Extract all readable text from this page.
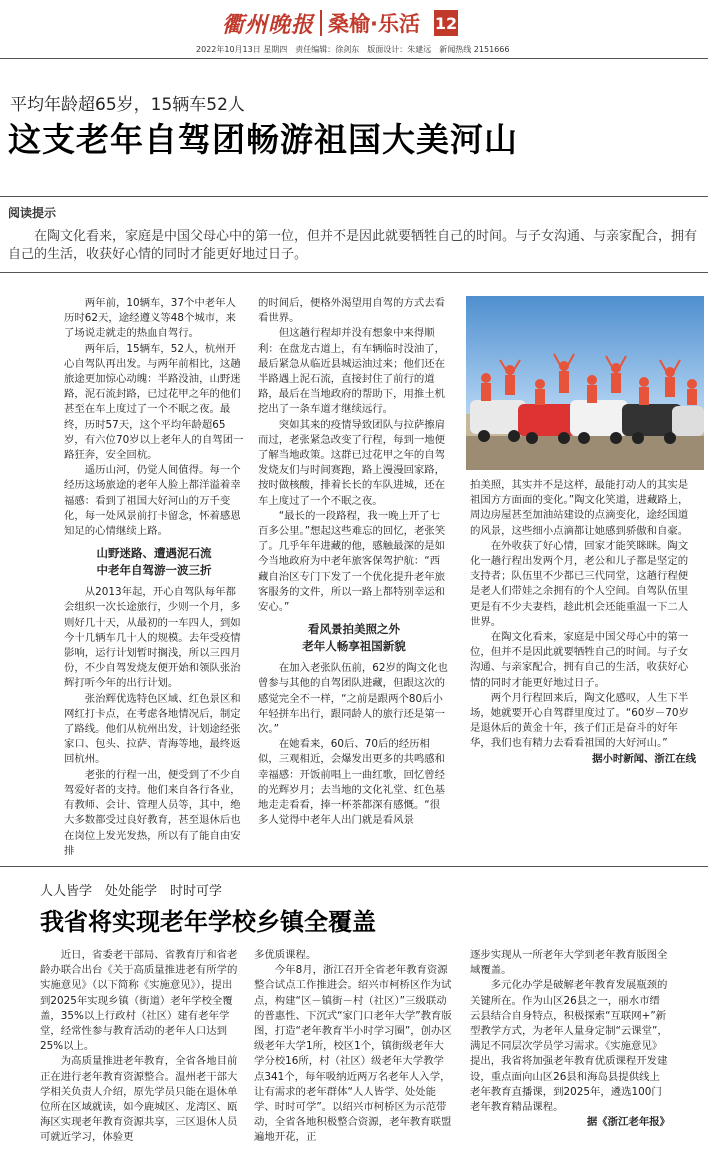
衢州晚报 桑榆·乐活 12
2022年10月13日 星期四　责任编辑：徐剑东　版面设计：朱建远　新闻热线 2151666
平均年龄超65岁，15辆车52人
这支老年自驾团畅游祖国大美河山
阅读提示
在陶文化看来，家庭是中国父母心中的第一位，但并不是因此就要牺牲自己的时间。与子女沟通、与亲家配合，拥有自己的生活，收获好心情的同时才能更好地过日子。

两年前，10辆车，37个中老年人历时62天，途经遵义等48个城市，来了场说走就走的热血自驾行。

两年后，15辆车，52人，杭州开心自驾队再出发。与两年前相比，这趟旅途更加惊心动魄：半路没油，山野迷路，泥石流封路，已过花甲之年的他们甚至在车上度过了一个不眠之夜。最终，历时57天，这个平均年龄超65岁，有六位70岁以上老年人的自驾团一路狂奔，安全回杭。

遥历山河，仍觉人间值得。每一个经历这场旅途的老年人脸上都洋溢着幸福感：看到了祖国大好河山的万千变化，每一处风景前打卡留念，怀着感恩知足的心情继续上路。

山野迷路、遭遇泥石流
中老年自驾游一波三折

从2013年起，开心自驾队每年都会组织一次长途旅行，少则一个月，多则好几十天，从最初的一车四人，到如今十几辆车几十人的规模。去年受疫情影响，运行计划暂时搁浅，所以三四月份，不少自驾发烧友便开始和领队张治辉打听今年的出行计划。

张治辉优选特色区域、红色景区和网红打卡点，在考虑各地情况后，制定了路线。他们从杭州出发，计划途经张家口、包头、拉萨、青海等地，最终返回杭州。

老张的行程一出，便受到了不少自驾爱好者的支持。他们来自各行各业，有教师、会计、管理人员等，其中，绝大多数都受过良好教育，甚至退休后也在岗位上发光发热，所以有了能自由安排

的时间后，便格外渴望用自驾的方式去看看世界。

但这趟行程却并没有想象中来得顺利：在盘龙古道上，有车辆临时没油了，最后紧急从临近县城运油过来；他们还在半路遇上泥石流，直接封住了前行的道路，最后在当地政府的帮助下，用推土机挖出了一条车道才继续远行。

突如其来的疫情导致团队与拉萨擦肩而过，老张紧急改变了行程，每到一地便了解当地政策。这群已过花甲之年的自驾发烧友们与时间赛跑，路上漫漫回家路，按时做核酸，排着长长的车队进城，还在车上度过了一个不眠之夜。

“最长的一段路程，我一晚上开了七百多公里。”想起这些难忘的回忆，老张笑了。几乎年年进藏的他，感触最深的是如今当地政府为中老年旅客保驾护航：“西藏自治区专门下发了一个优化提升老年旅客服务的文件，所以一路上都特别幸运和安心。”

看风景拍美照之外
老年人畅享祖国新貌

在加入老张队伍前，62岁的陶文化也曾参与其他的自驾团队进藏，但跟这次的感觉完全不一样，“之前是跟两个80后小年轻拼车出行，跟同龄人的旅行还是第一次。”

在她看来，60后、70后的经历相似，三观相近，会爆发出更多的共鸣感和幸福感：开饭前唱上一曲红歌，回忆曾经的光辉岁月；去当地的文化礼堂、红色基地走走看看，捧一杯茶都深有感慨。“很多人觉得中老年人出门就是看风景

拍美照，其实并不是这样，最能打动人的其实是祖国方方面面的变化。”陶文化笑道，进藏路上，周边房屋甚至加油站建设的点滴变化，途经国道的风景，这些细小点滴都让她感到骄傲和自豪。

在外收获了好心情，回家才能笑眯眯。陶文化一趟行程出发两个月，老公和儿子都是坚定的支持者；队伍里不少都已三代同堂，这趟行程便是老人们带娃之余拥有的个人空间。自驾队伍里更是有不少夫妻档，趁此机会还能重温一下二人世界。

在陶文化看来，家庭是中国父母心中的第一位，但并不是因此就要牺牲自己的时间。与子女沟通、与亲家配合，拥有自己的生活，收获好心情的同时才能更好地过日子。

两个月行程回来后，陶文化感叹，人生下半场，她就要开心自驾群里度过了。“60岁－70岁是退休后的黄金十年，孩子们正是奋斗的好年华，我们也有精力去看看祖国的大好河山。”

据小时新闻、浙江在线
人人皆学　处处能学　时时可学
我省将实现老年学校乡镇全覆盖

近日，省委老干部局、省教育厅和省老龄办联合出台《关于高质量推进老有所学的实施意见》（以下简称《实施意见》），提出到2025年实现乡镇（街道）老年学校全覆盖，35%以上行政村（社区）建有老年学堂，经常性参与教育活动的老年人口达到25%以上。

为高质量推进老年教育，全省各地目前正在进行老年教育资源整合。温州老干部大学相关负责人介绍，原先学员只能在退休单位所在区域就读，如今鹿城区、龙湾区、瓯海区实现老年教育资源共享，三区退休人员可就近学习，体验更

多优质课程。

今年8月，浙江召开全省老年教育资源整合试点工作推进会。绍兴市柯桥区作为试点，构建“区－镇街－村（社区）”三级联动的普惠性、下沉式“家门口老年大学”教育版图，打造“老年教育半小时学习圈”，创办区级老年大学1所，校区1个，镇街级老年大学分校16所，村（社区）级老年大学教学点341个，每年吸纳近两万名老年人入学，让有需求的老年群体“人人皆学、处处能学、时时可学”。以绍兴市柯桥区为示范带动，全省各地积极整合资源，老年教育联盟遍地开花，正

逐步实现从一所老年大学到老年教育版图全域覆盖。

多元化办学是破解老年教育发展瓶颈的关键所在。作为山区26县之一，丽水市缙云县结合自身特点，积极探索“互联网+”新型教学方式，为老年人量身定制“云课堂”，满足不同层次学员学习需求。《实施意见》提出，我省将加强老年教育优质课程开发建设，重点面向山区26县和海岛县提供线上老年教育直播课，到2025年，遴选100门老年教育精品课程。

据《浙江老年报》
